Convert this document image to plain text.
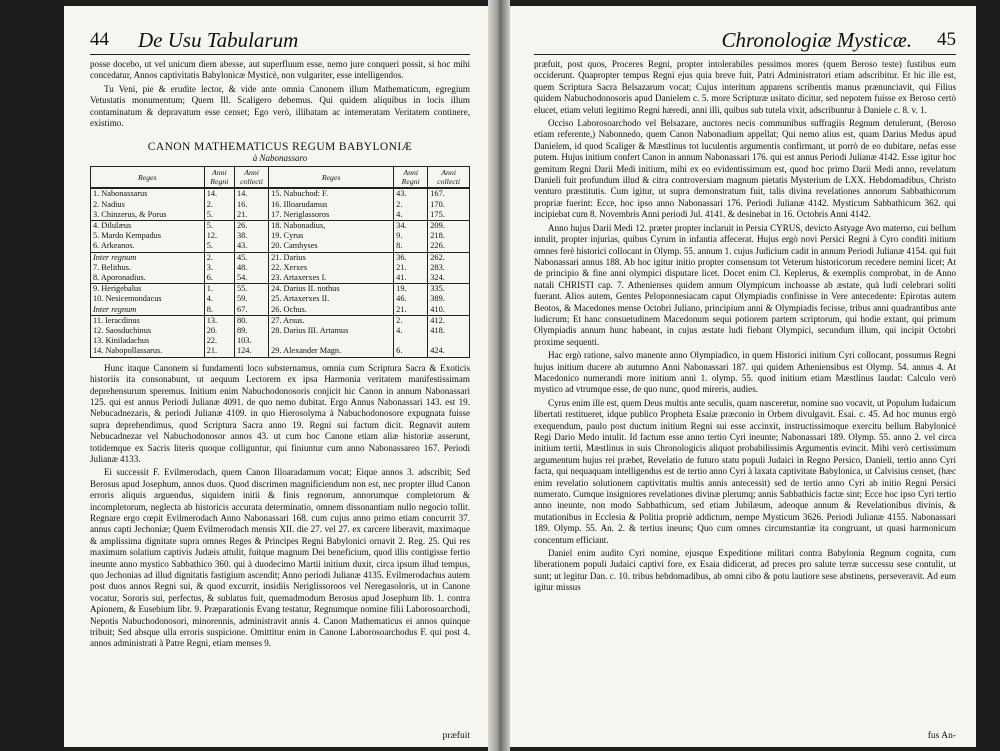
44 De Usu Tabularum

posse docebo, ut vel unicum diem abesse, aut superfluum esse, nemo jure conqueri possit, si hoc mihi concedatur, Annos captivitatis Babylonicæ Mysticè, non vulgariter, esse intelligendos.

Tu Veni, pie & erudite lector, & vide ante omnia Canonem illum Mathematicum, egregium Vetustatis monumentum; Quem Ill. Scaligero debemus. Qui quidem aliquibus in locis illum contaminatum & depravatum esse censet; Ego verò, illibatam ac intemeratam Veritatem continere, existimo.

CANON MATHEMATICUS REGUM BABYLONIÆ
à Nabonassaro
Reges	Anni Regni	Anni collecti	Reges	Anni Regni	Anni collecti
1. Nabonassarus	14.	14.	15. Nabuchod: F.	43.	167.
2. Nadius	2.	16.	16. Illoarudamus	2.	170.
3. Chinzerus, & Porus	5.	21.	17. Neriglassoros	4.	175.
4. Dilulæus	5.	26.	18. Nabonadius,	34.	209.
5. Mardo Kempadus	12.	38.	19. Cyrus	9.	218.
6. Arkeanos.	5.	43.	20. Cambyses	8.	226.
Inter regnum	2.	45.	21. Darius	36.	262.
7. Belithus.	3.	48.	22. Xerxes	21.	283.
8. Aporonadius.	6.	54.	23. Artaxerxes I.	41.	324.
9. Herigebalus	1.	55.	24. Darius II. nothus	19.	335.
10. Nesicemondacus	4.	59.	25. Artaxerxes II.	46.	389.
Inter regnum	8.	67.	26. Ochus.	21.	410.
11. Ieracdinus	13.	80.	27. Arsus.	2.	412.
12. Saosduchinus	20.	89.	28. Darius III. Artamus	4.	418.
13. Kiniladachus	22.	103.			
14. Nabopollassarus.	21.	124.	29. Alexander Magn.	6.	424.

Hunc itaque Canonem si fundamenti loco substernamus, omnia cum Scriptura Sacra & Exoticis historiis ita consonabunt, ut aequum Lectorem ex ipsa Harmonia veritatem manifestissimam deprehensurum speremus. Initium enim Nabuchodonosoris conjicit hic Canon in annum Nabonassari 125. qui est annus Periodi Julianæ 4091. de quo nemo dubitat. Ergo Annus Nabonassari 143. est 19. Nebucadnezaris, & periodi Julianæ 4109. in quo Hierosolyma à Nabuchodonosore expugnata fuisse supra deprehendimus, quod Scriptura Sacra anno 19. Regni sui factum dicit. Regnavit autem Nebucadnezar vel Nabuchodonosor annos 43. ut cum hoc Canone etiam aliæ historiæ asserunt, totidemque ex Sacris literis quoque colliguntur, qui finiuntur cum anno Nabonassareo 167. Periodi Julianæ 4133.

Ei successit F. Evilmerodach, quem Canon Illoaradamum vocat; Eique annos 3. adscribit; Sed Berosus apud Josephum, annos duos. Quod discrimen magnificiendum non est, nec propter illud Canon erroris aliquis arguendus, siquidem initii & finis regnorum, annorumque completorum & incompletorum, neglecta ab historicis accurata determinatio, omnem dissonantiam nullo negocio tollit. Regnare ergo cœpit Evilmerodach Anno Nabonassari 168. cum cujus anno primo etiam concurrit 37. annus capti Jechoniæ; Quem Evilmerodach mensis XII. die 27. vel 27. ex carcere liberavit, maximaque & amplissima dignitate supra omnes Reges & Principes Regni Babylonici ornavit 2. Reg. 25. Qui res maximum solatium captivis Judæis attulit, fuitque magnum Dei beneficium, quod illis contigisse fertio ineunte anno mystico Sabbathico 360. qui à duodecimo Martii initium duxit, circa ipsum illud tempus, quo Jechonias ad illud dignitatis fastigium ascendit; Anno periodi Julianæ 4135. Evilmerodachus autem post duos annos Regni sui, & quod excurrit, insidiis Neriglissoroos vel Neregasoloris, ut in Canone vocatur, Sororis sui, perfectus, & sublatus fuit, quemadmodum Berosus apud Josephum lib. 1. contra Apionem, & Eusebium libr. 9. Præparationis Evang testatur, Regnumque nomine filii Laborosoarchodi, Nepotis Nabuchodonosori, minorennis, administravit annis 4. Canon Mathematicus ei annos quinque tribuit; Sed absque ulla erroris suspicione. Omittitur enim in Canone Laborosoarchodus F. qui post 4. annos administrati à Patre Regni, etiam menses 9.

præfuit
Chronologiæ Mysticæ. 45

præfuit, post quos, Proceres Regni, propter intolerabiles pessimos mores (quem Beroso teste) fustibus eum occiderunt. Quapropter tempus Regni ejus quia breve fuit, Patri Administratori etiam adscribitur. Et hic ille est, quem Scriptura Sacra Belsazarum vocat; Cujus interitum apparens scribentis manus prænunciavit, qui Filius quidem Nabuchodonosoris apud Danielem c. 5. more Scripturæ usitato dicitur, sed nepotem fuisse ex Beroso certò elucet, etiam veluti legitimo Regni hæredi, anni illi, quibus sub tutela vixit, adscribuntur à Daniele c. 8. v. 1.

Occiso Laborosoarchodo vel Belsazare, auctores necis communibus suffragiis Regnum detulerunt, (Beroso etiam referente,) Nabonnedo, quem Canon Nabonadium appellat; Qui nemo alius est, quam Darius Medus apud Danielem, id quod Scaliger & Mæstlinus tot luculentis argumentis confirmant, ut porrò de eo dubitare, nefas esse putem. Hujus initium confert Canon in annum Nabonassari 176. qui est annus Periodi Julianæ 4142. Esse igitur hoc gemitum Regni Darii Medi initium, mihi ex eo evidentissimum est, quod hoc primo Darii Medi anno, revelatum Danieli fuit profundum illud & citra controversiam magnum pietatis Mysterium de LXX. Hebdomadibus, Christo venturo præstitutis. Cum igitur, ut supra demonstratum fuit, talis divina revelationes annorum Sabbathicorum propriæ fuerint: Ecce, hoc ipso anno Nabonassari 176. Periodi Julianæ 4142. Mysticum Sabbathicum 362. qui incipiebat cum 8. Novembris Anni periodi Jul. 4141. & desinebat in 16. Octobris Anni 4142.

Anno hujus Darii Medi 12. præter propter inclaruit in Persia CYRUS, devicto Astyage Avo materno, cui bellum intulit, propter injurias, quibus Cyrum in infantia affecerat. Hujus ergò novi Persici Regni à Cyro conditi initium omnes ferè historici collocant in Olymp. 55. annum 1. cujus Judicium cadit in annum Periodi Julianæ 4154. qui fuit Nabonassari annus 188. Ab hoc igitur initio propter consensum tot Veterum historicorum recedere nemini licet; At de principio & fine anni olympici disputare licet. Docet enim Cl. Keplerus, & exemplis comprobat, in de Anno natali CHRISTI cap. 7. Athenienses quidem annum Olympicum inchoasse ab æstate, quà ludi celebrari soliti fuerant. Alios autem, Gentes Peloponnesiacam caput Olympiadis confinisse in Vere antecedente: Epirotas autem Beotos, & Macedones mense Octobri Juliano, principium anni & Olympiadis fecisse, tribus anni quadrantibus ante ludicrum; Et hanc consuetudinem Macedonum sequi potiorem partem scriptorum, qui hodie extant, qui primum Olympiadis annum hunc habeant, in cujus æstate ludi fiebant Olympici, secundum illum, qui incipit Octobri proxime sequenti.

Hac ergò ratione, salvo manente anno Olympiadico, in quem Historici initium Cyri collocant, possumus Regni hujus initium ducere ab autumno Anni Nabonassari 187. qui quidem Atheniensibus est Olymp. 54. annus 4. At Macedonico numerandi more initium anni 1. olymp. 55. quod initium etiam Mæstlinus laudat: Calculo verò mystico ad vtrumque esse, de quo nunc, quod mireris, audies.

Cyrus enim ille est, quem Deus multis ante seculis, quam nasceretur, nomine suo vocavit, ut Populum Iudaicum libertati restitueret, idque publico Propheta Esaiæ præconio in Orbem divulgavit. Esai. c. 45. Ad hoc munus ergò exequendum, paulo post ductum initium Regni sui esse accinxit, instructissimoque exercitu bellum Babylonicè Regi Dario Medo intulit. Id factum esse anno tertio Cyri ineunte; Nabonassari 189. Olymp. 55. anno 2. vel circa initium tertii, Mæstlinus in suis Chronologicis aliquot probabilissimis Argumentis evincit. Mihi verò certissimum argumentum hujus rei præbet, Revelatio de futuro statu populi Judaici in Regno Persico, Danieli, tertio anno Cyri facta, qui nequaquam intelligendus est de tertio anno Cyri à laxata captivitate Babylonica, ut Calvisius censet, (hæc enim revelatio solutionem captivitatis multis annis antecessit) sed de tertio anno Cyri ab initio Regni Persici numerato. Cumque insigniores revelationes divinæ plerumq; annis Sabbathicis factæ sint; Ecce hoc ipso Cyri tertio anno ineunte, non modo Sabbathicum, sed etiam Jubilæum, adeoque annum & Revelationibus divinis, & mutationibus in Ecclesia & Politia propriè addictum, nempe Mysticum 3626. Periodi Julianæ 4155. Nabonassari 189. Olymp. 55. An. 2. & tertius ineuns; Quo cum omnes circumstantiæ ita congruant, ut quasi harmonicum concentum efficiant.

Daniel enim audito Cyri nomine, ejusque Expeditione militari contra Babylonia Regnum cognita, cum liberationem populi Judaici captivi fore, ex Esaia didicerat, ad preces pro salute terræ successu sese contulit, ut sunt; ut legitur Dan. c. 10. tribus hebdomadibus, ab omni cibo & potu lautiore sese abstinens, perseveravit. Ad eum igitur missus

fus An-
